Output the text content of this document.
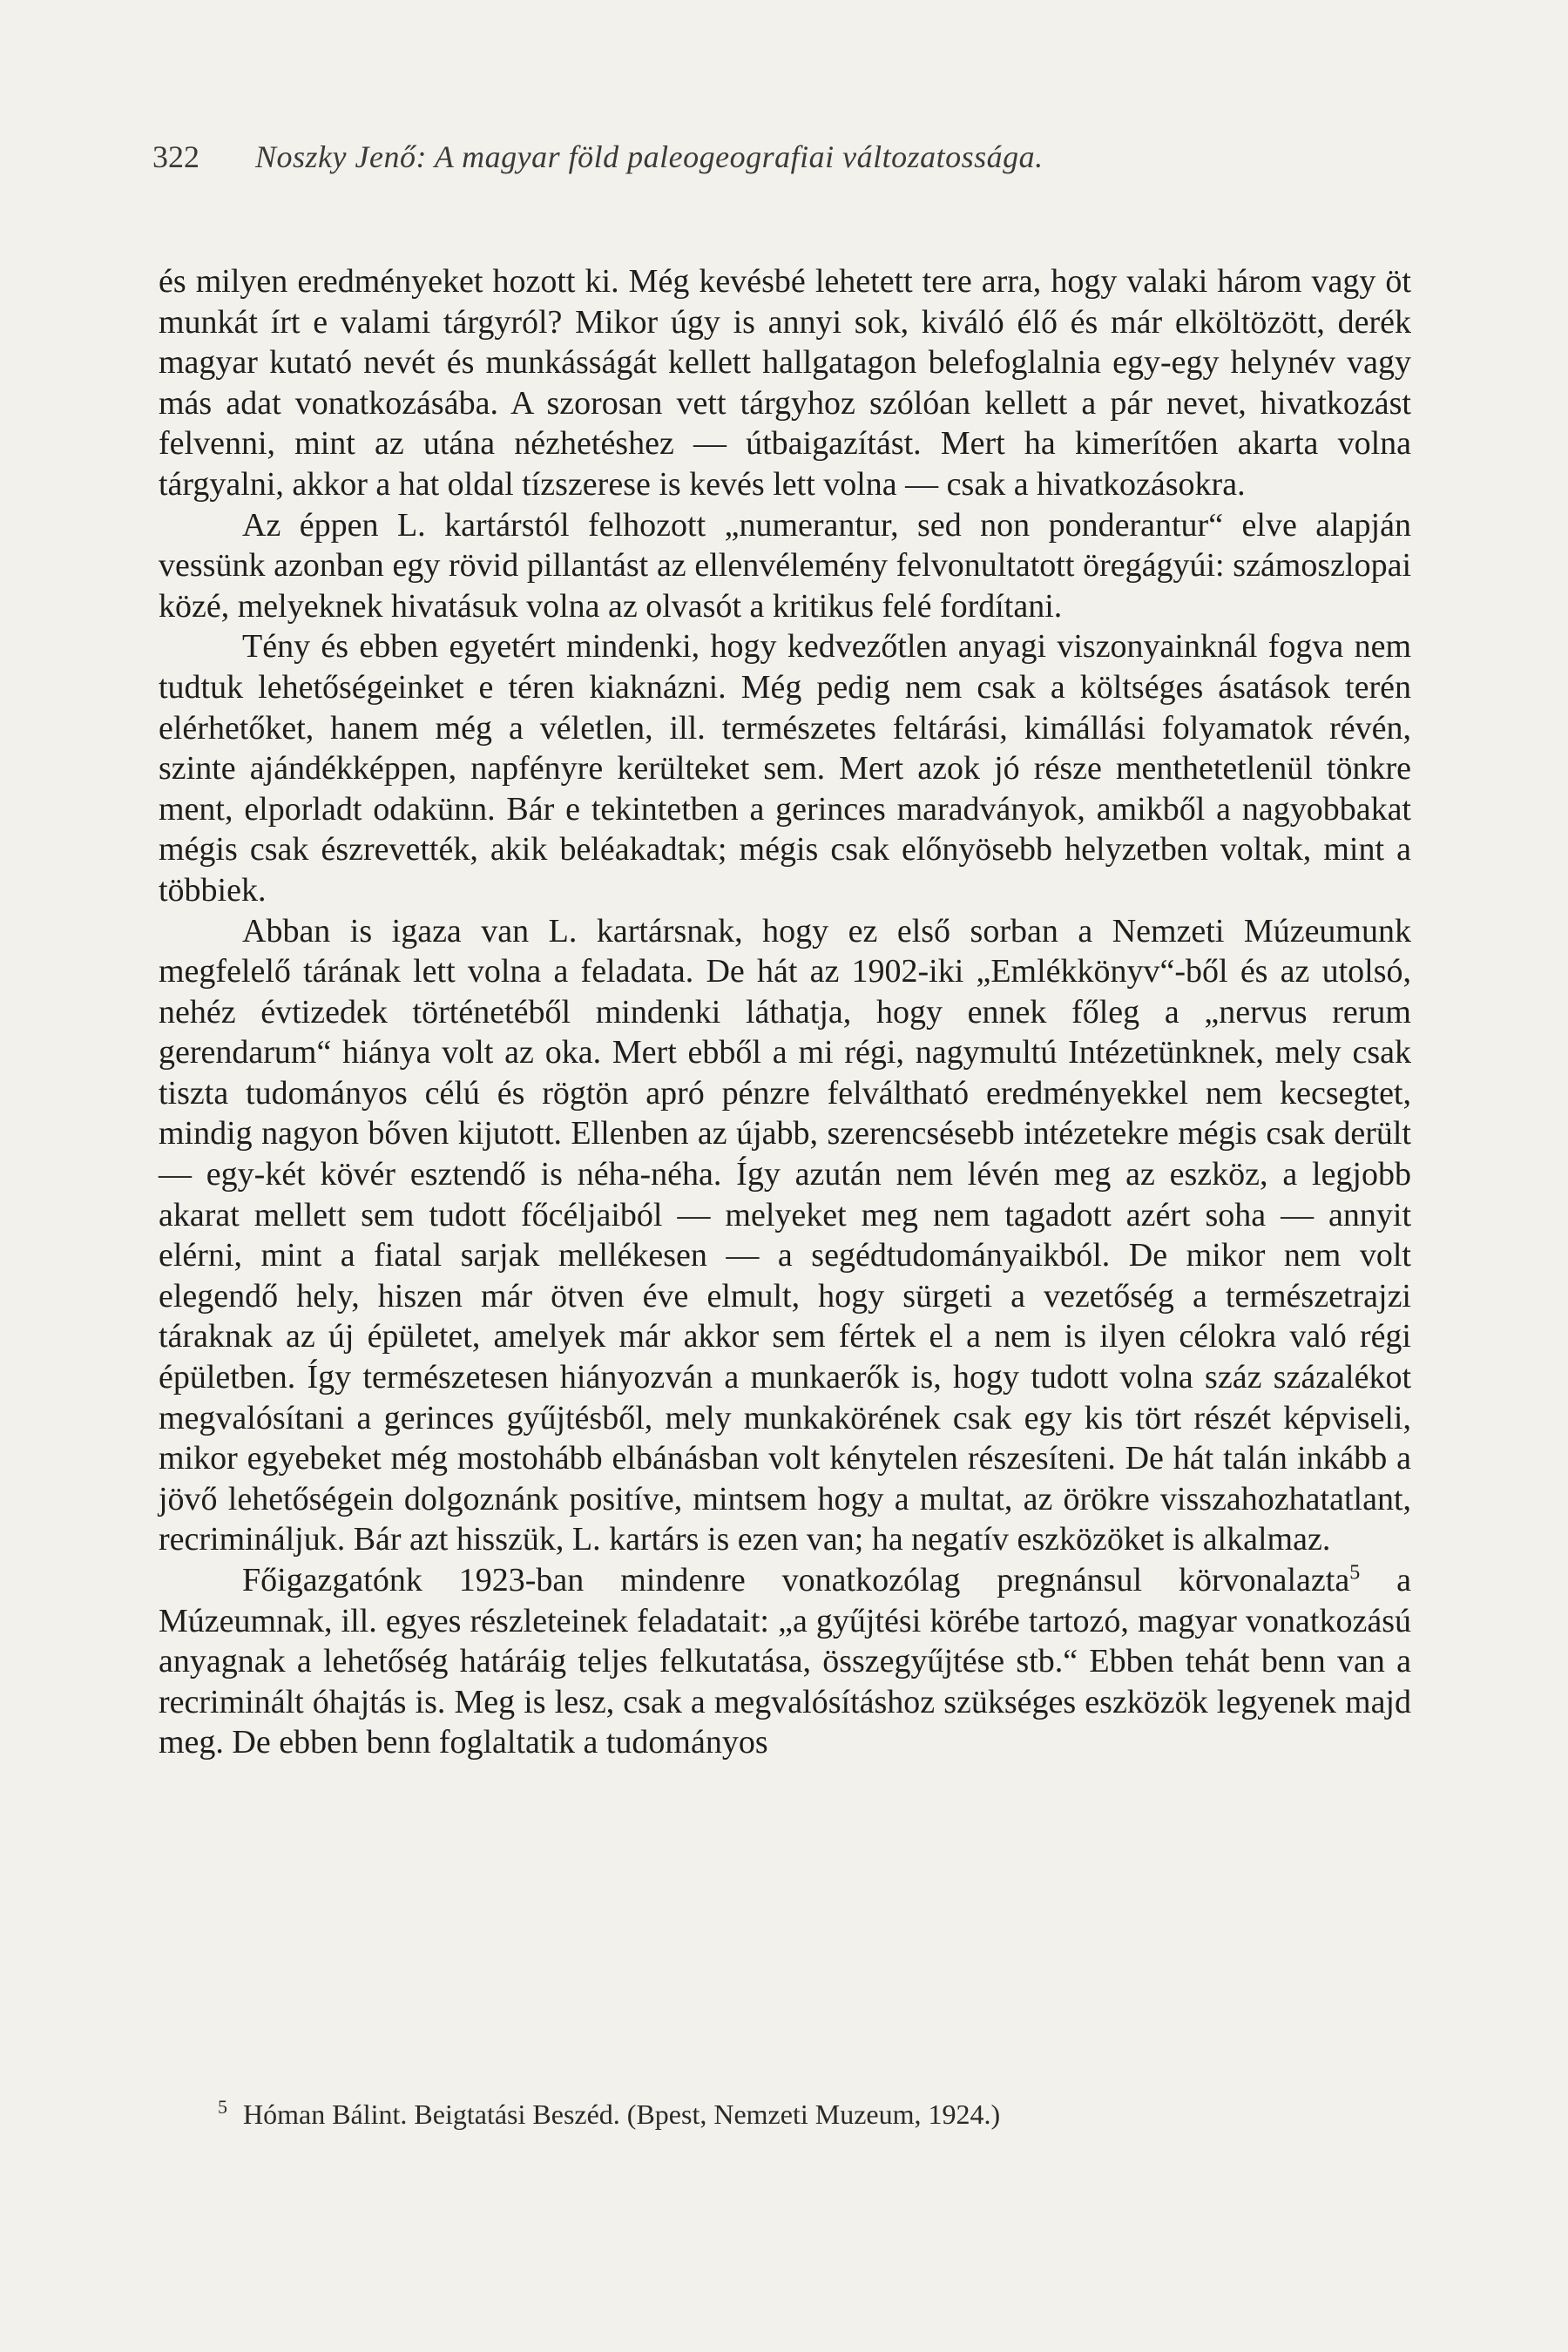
322 Noszky Jenő: A magyar föld paleogeografiai változatossága.

és milyen eredményeket hozott ki. Még kevésbé lehetett tere arra, hogy valaki három vagy öt munkát írt e valami tárgyról? Mikor úgy is annyi sok, kiváló élő és már elköltözött, derék magyar kutató nevét és munkásságát kellett hallgatagon belefoglalnia egy-egy helynév vagy más adat vonatkozásába. A szorosan vett tárgyhoz szólóan kellett a pár nevet, hivatkozást felvenni, mint az utána nézhetéshez — útbaigazítást. Mert ha kimerítően akarta volna tárgyalni, akkor a hat oldal tízszerese is kevés lett volna — csak a hivatkozásokra.

Az éppen L. kartárstól felhozott „numerantur, sed non ponderantur“ elve alapján vessünk azonban egy rövid pillantást az ellenvélemény felvonultatott öregágyúi: számoszlopai közé, melyeknek hivatásuk volna az olvasót a kritikus felé fordítani.

Tény és ebben egyetért mindenki, hogy kedvezőtlen anyagi viszonyainknál fogva nem tudtuk lehetőségeinket e téren kiaknázni. Még pedig nem csak a költséges ásatások terén elérhetőket, hanem még a véletlen, ill. természetes feltárási, kimállási folyamatok révén, szinte ajándékképpen, napfényre kerülteket sem. Mert azok jó része menthetetlenül tönkre ment, elporladt odakünn. Bár e tekintetben a gerinces maradványok, amikből a nagyobbakat mégis csak észrevették, akik beléakadtak; mégis csak előnyösebb helyzetben voltak, mint a többiek.

Abban is igaza van L. kartársnak, hogy ez első sorban a Nemzeti Múzeumunk megfelelő tárának lett volna a feladata. De hát az 1902-iki „Emlékkönyv“-ből és az utolsó, nehéz évtizedek történetéből mindenki láthatja, hogy ennek főleg a „nervus rerum gerendarum“ hiánya volt az oka. Mert ebből a mi régi, nagymultú Intézetünknek, mely csak tiszta tudományos célú és rögtön apró pénzre felváltható eredményekkel nem kecsegtet, mindig nagyon bőven kijutott. Ellenben az újabb, szerencsésebb intézetekre mégis csak derült — egy-két kövér esztendő is néha-néha. Így azután nem lévén meg az eszköz, a legjobb akarat mellett sem tudott főcéljaiból — melyeket meg nem tagadott azért soha — annyit elérni, mint a fiatal sarjak mellékesen — a segédtudományaikból. De mikor nem volt elegendő hely, hiszen már ötven éve elmult, hogy sürgeti a vezetőség a természetrajzi táraknak az új épületet, amelyek már akkor sem fértek el a nem is ilyen célokra való régi épületben. Így természetesen hiányozván a munkaerők is, hogy tudott volna száz százalékot megvalósítani a gerinces gyűjtésből, mely munkakörének csak egy kis tört részét képviseli, mikor egyebeket még mostohább elbánásban volt kénytelen részesíteni. De hát talán inkább a jövő lehetőségein dolgoznánk positíve, mintsem hogy a multat, az örökre visszahozhatatlant, recrimináljuk. Bár azt hisszük, L. kartárs is ezen van; ha negatív eszközöket is alkalmaz.

Főigazgatónk 1923-ban mindenre vonatkozólag pregnánsul körvonalazta$^5$ a Múzeumnak, ill. egyes részleteinek feladatait: „a gyűjtési körébe tartozó, magyar vonatkozású anyagnak a lehetőség határáig teljes felkutatása, összegyűjtése stb.“ Ebben tehát benn van a recriminált óhajtás is. Meg is lesz, csak a megvalósításhoz szükséges eszközök legyenek majd meg. De ebben benn foglaltatik a tudományos

$^5$ Hóman Bálint. Beigtatási Beszéd. (Bpest, Nemzeti Muzeum, 1924.)
